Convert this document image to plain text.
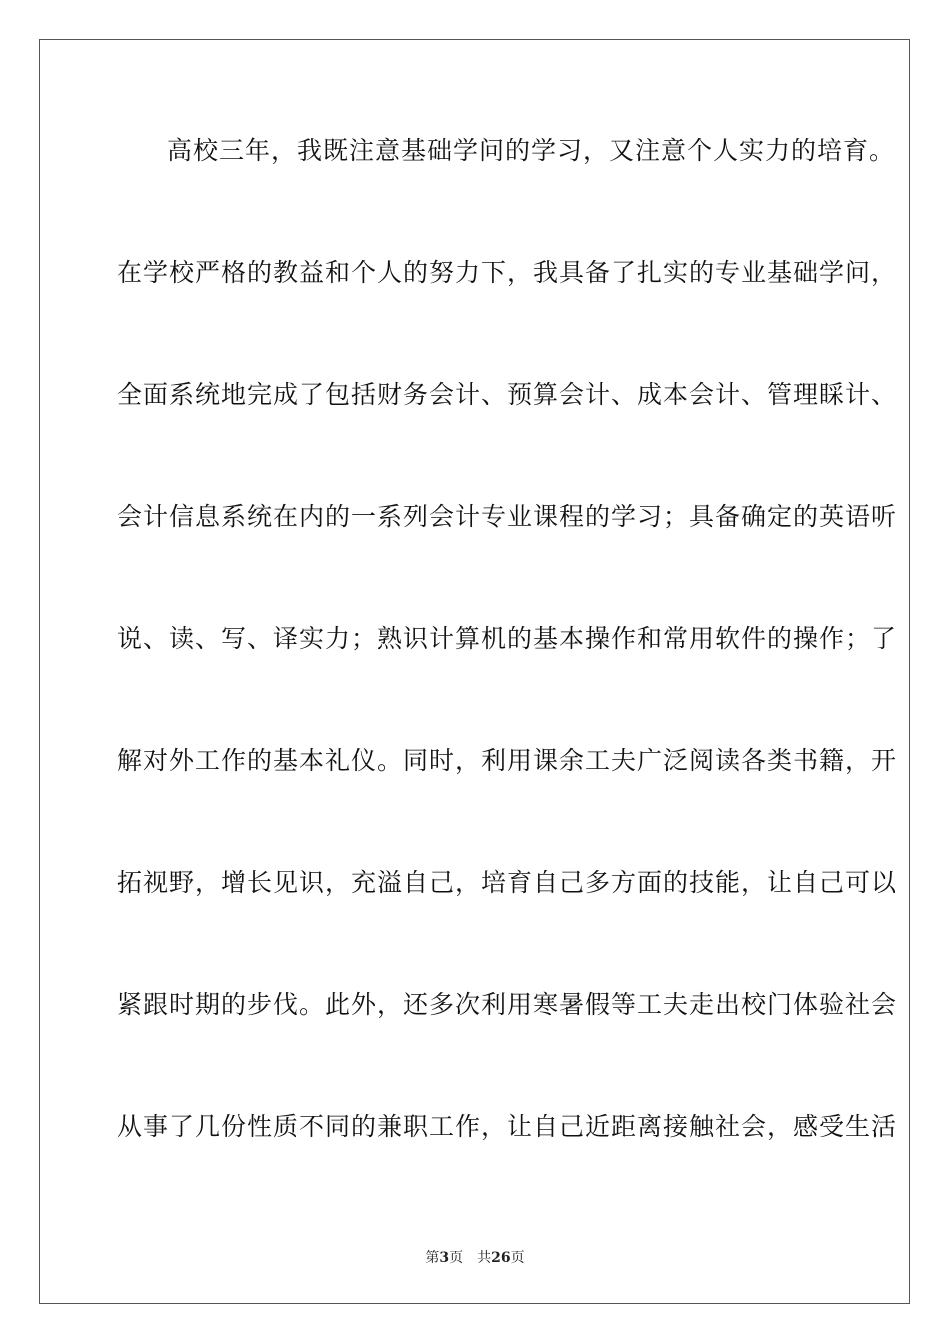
高校三年，我既注意基础学问的学习，又注意个人实力的培育。
在学校严格的教益和个人的努力下，我具备了扎实的专业基础学问，
全面系统地完成了包括财务会计、预算会计、成本会计、管理睬计、
会计信息系统在内的一系列会计专业课程的学习；具备确定的英语听
说、读、写、译实力；熟识计算机的基本操作和常用软件的操作；了
解对外工作的基本礼仪。同时，利用课余工夫广泛阅读各类书籍，开
拓视野，增长见识，充溢自己，培育自己多方面的技能，让自己可以
紧跟时期的步伐。此外，还多次利用寒暑假等工夫走出校门体验社会
从事了几份性质不同的兼职工作，让自己近距离接触社会，感受生活
第3页 共26页
